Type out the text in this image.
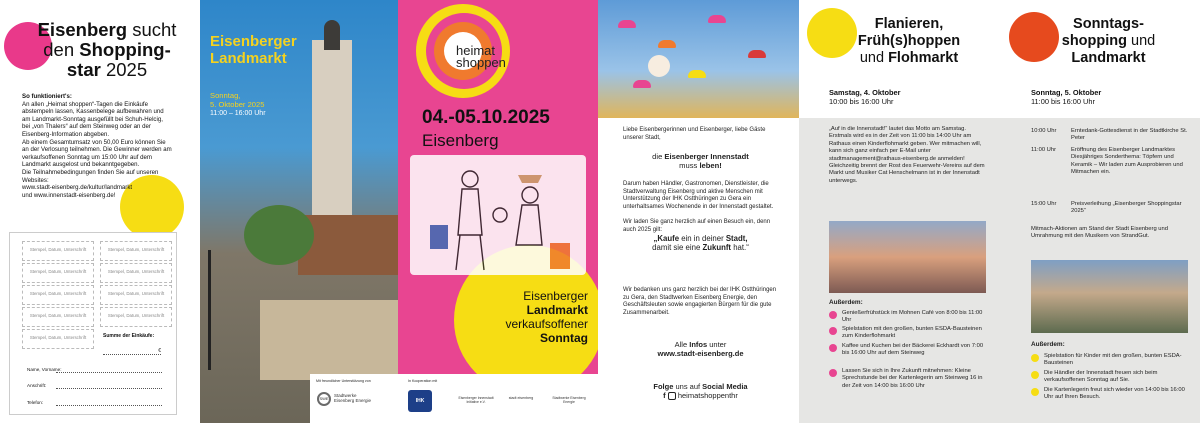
Eisenberg sucht
den Shopping-
star 2025
So funktioniert's:
An allen „Heimat shoppen“-Tagen die Einkäufe abstempeln lassen, Kassenbelege aufbewahren und am Landmarkt-Sonntag ausgefüllt bei Schuh-Helcig, bei „von Thalers“ auf dem Steinweg oder an der Eisenberg-Information abgeben.
Ab einem Gesamtumsatz von 50,00 Euro können Sie an der Verlosung teilnehmen. Die Gewinner werden am verkaufsoffenen Sonntag um 15:00 Uhr auf dem Landmarkt ausgelost und bekanntgegeben.
Die Teilnahmebedingungen finden Sie auf unseren Websites:
www.stadt-eisenberg.de/kultur/landmarkt
und www.innenstadt-eisenberg.de!
Stempel, Datum, Unterschrift	Stempel, Datum, Unterschrift
Stempel, Datum, Unterschrift	Stempel, Datum, Unterschrift
Stempel, Datum, Unterschrift	Stempel, Datum, Unterschrift
Stempel, Datum, Unterschrift	Stempel, Datum, Unterschrift
Stempel, Datum, Unterschrift	Summe der Einkäufe:
€
Name, Vorname:
Anschrift:
Telefon:
Eisenberger
Landmarkt
Sonntag,
5. Oktober 2025
11:00 – 16:00 Uhr
Mit freundlicher Unterstützung von
SWE
Stadtwerke Eisenberg Energie
heimat
shoppen
04.-05.10.2025
Eisenberg
Eisenberger
Landmarkt
verkaufsoffener
Sonntag
In Kooperation mit
IHK	Eisenberger Innenstadt Initiative e.V.
stadt eisenberg	Stadtwerke Eisenberg Energie
Liebe Eisenbergerinnen und Eisenberger, liebe Gäste unserer Stadt,
die Eisenberger Innenstadt
muss leben!
Darum haben Händler, Gastronomen, Dienstleister, die Stadtverwaltung Eisenberg und aktive Menschen mit Unterstützung der IHK Ostthüringen zu Gera ein unterhaltsames Wochenende in der Innenstadt gestaltet.
Wir laden Sie ganz herzlich auf einen Besuch ein, denn auch 2025 gilt:
„Kaufe ein in deiner Stadt,
damit sie eine Zukunft hat.“
Wir bedanken uns ganz herzlich bei der IHK Ostthüringen zu Gera, den Stadtwerken Eisenberg Energie, den Geschäftsleuten sowie engagierten Bürgern für die gute Zusammenarbeit.
Alle Infos unter
www.stadt-eisenberg.de
Folge uns auf Social Media
f heimatshoppenthr
Flanieren,
Früh(s)hoppen
und Flohmarkt
Samstag, 4. Oktober
10:00 bis 16:00 Uhr
„Auf in die Innenstadt!“ lautet das Motto am Samstag. Erstmals wird es in der Zeit von 11:00 bis 14:00 Uhr am Rathaus einen Kinderflohmarkt geben. Wer mitmachen will, kann sich ganz einfach per E-Mail unter stadtmanagement@rathaus-eisenberg.de anmelden! Gleichzeitig brennt der Rost des Feuerwehr-Vereins auf dem Markt und Musiker Cat Henschelmann ist in der Innenstadt unterwegs.
Außerdem:
Genießerfrühstück im Mohnen Café von 8:00 bis 11:00 Uhr
Spielstation mit den großen, bunten ESDA-Bausteinen zum Kinderflohmarkt
Kaffee und Kuchen bei der Bäckerei Eckhardt von 7:00 bis 16:00 Uhr auf dem Steinweg
Lassen Sie sich in Ihre Zukunft mitnehmen: Kleine Sprechstunde bei der Kartenlegerin am Steinweg 16 in der Zeit von 14:00 bis 16:00 Uhr
Sonntags-
shopping und
Landmarkt
Sonntag, 5. Oktober
11:00 bis 16:00 Uhr
10:00 Uhr	Erntedank-Gottesdienst in der Stadtkirche St. Peter
11:00 Uhr	Eröffnung des Eisenberger Landmarktes Diesjähriges Sonderthema: Töpfern und Keramik – Wir laden zum Ausprobieren und Mitmachen ein.
15:00 Uhr	Preisverleihung „Eisenberger Shoppingstar 2025“
Mitmach-Aktionen am Stand der Stadt Eisenberg und Umrahmung mit den Musikern von StrandGut.
Außerdem:
Spielstation für Kinder mit den großen, bunten ESDA-Bausteinen
Die Händler der Innenstadt freuen sich beim verkaufsoffenen Sonntag auf Sie.
Die Kartenlegerin freut sich wieder von 14:00 bis 16:00 Uhr auf Ihren Besuch.
